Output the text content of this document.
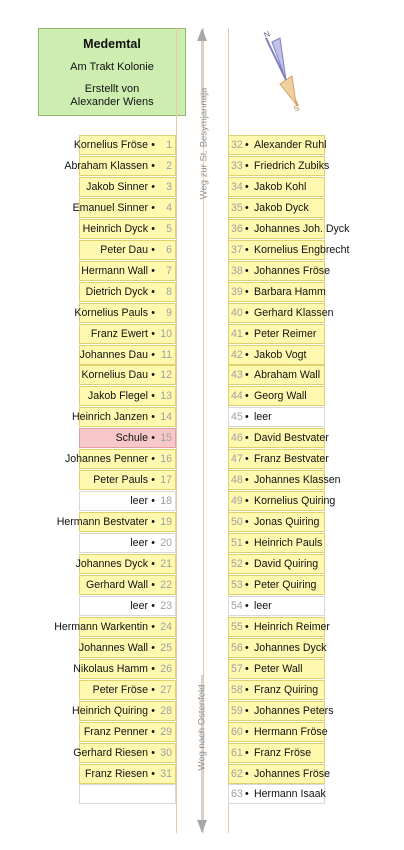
Medemtal
Am Trakt Kolonie
Erstellt von
Alexander Wiens	Weg zur St. Besymjannaja
Weg nach Ostenfeld
N
S
Kornelius Fröse • 1
Abraham Klassen • 2
Jakob Sinner • 3
Emanuel Sinner • 4
Heinrich Dyck • 5
Peter Dau • 6
Hermann Wall • 7
Dietrich Dyck • 8
Kornelius Pauls • 9
Franz Ewert • 10
Johannes Dau • 11
Kornelius Dau • 12
Jakob Flegel • 13
Heinrich Janzen • 14
Schule • 15
Johannes Penner • 16
Peter Pauls • 17
leer • 18
Hermann Bestvater • 19
leer • 20
Johannes Dyck • 21
Gerhard Wall • 22
leer • 23
Hermann Warkentin • 24
Johannes Wall • 25
Nikolaus Hamm • 26
Peter Fröse • 27
Heinrich Quiring • 28
Franz Penner • 29
Gerhard Riesen • 30
Franz Riesen • 31
Alexander Ruhl
•
32
Friedrich Zubiks
•
33
Jakob Kohl
•
34
Jakob Dyck
•
35
Johannes Joh. Dyck
•
36
Kornelius Engbrecht
•
37
Johannes Fröse
•
38
Barbara Hamm
•
39
Gerhard Klassen
•
40
Peter Reimer
•
41
Jakob Vogt
•
42
Abraham Wall
•
43
Georg Wall
•
44
leer
•
45
David Bestvater
•
46
Franz Bestvater
•
47
Johannes Klassen
•
48
Kornelius Quiring
•
49
Jonas Quiring
•
50
Heinrich Pauls
•
51
David Quiring
•
52
Peter Quiring
•
53
leer
•
54
Heinrich Reimer
•
55
Johannes Dyck
•
56
Peter Wall
•
57
Franz Quiring
•
58
Johannes Peters
•
59
Hermann Fröse
•
60
Franz Fröse
•
61
Johannes Fröse
•
62
Hermann Isaak
•
63
